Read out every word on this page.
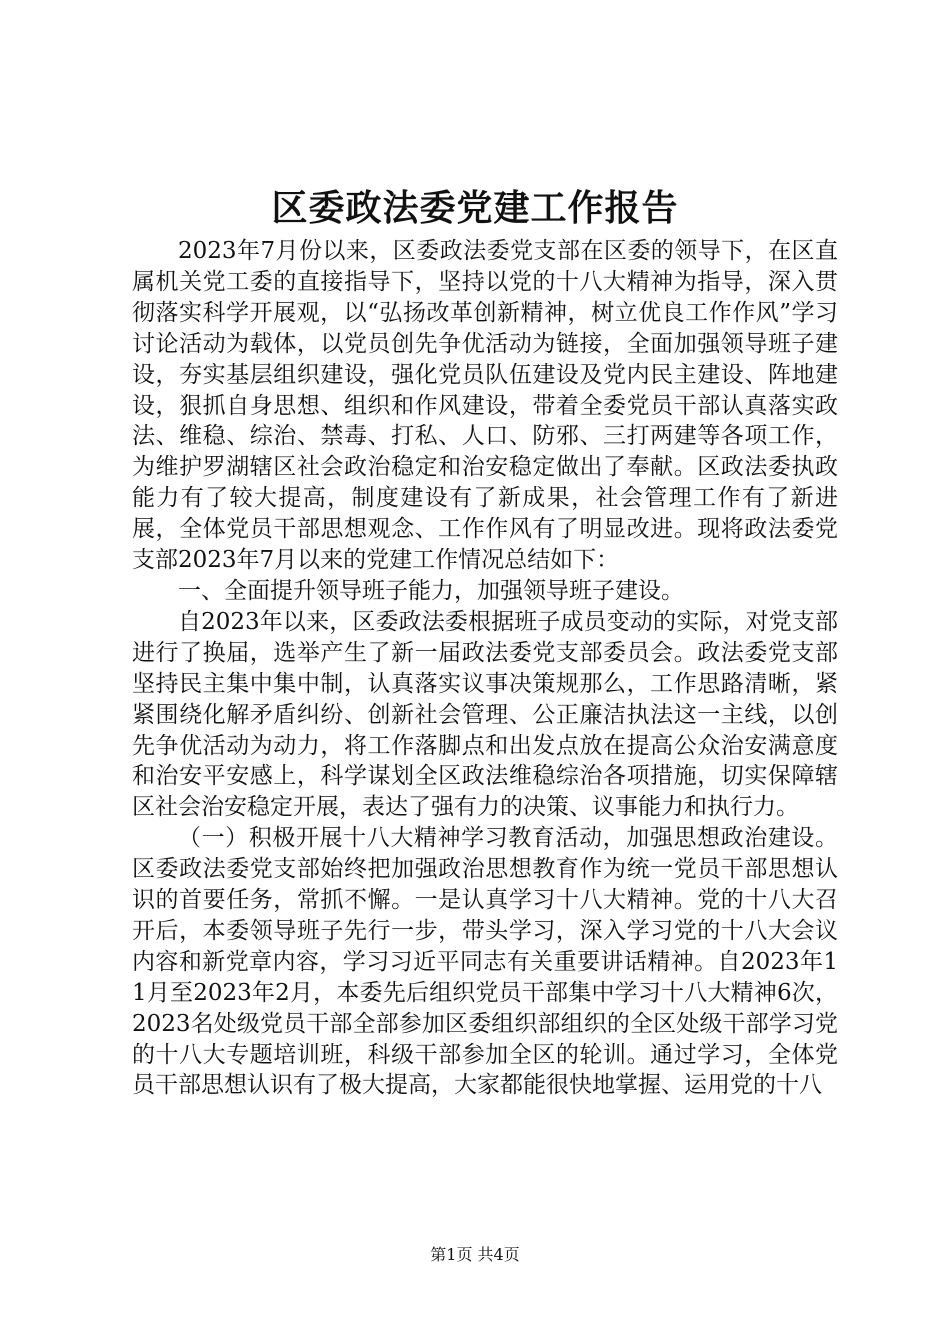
区委政法委党建工作报告

2023年7月份以来，区委政法委党支部在区委的领导下，在区直属机关党工委的直接指导下，坚持以党的十八大精神为指导，深入贯彻落实科学开展观，以“弘扬改革创新精神，树立优良工作作风”学习讨论活动为载体，以党员创先争优活动为链接，全面加强领导班子建设，夯实基层组织建设，强化党员队伍建设及党内民主建设、阵地建设，狠抓自身思想、组织和作风建设，带着全委党员干部认真落实政法、维稳、综治、禁毒、打私、人口、防邪、三打两建等各项工作，为维护罗湖辖区社会政治稳定和治安稳定做出了奉献。区政法委执政能力有了较大提高，制度建设有了新成果，社会管理工作有了新进展，全体党员干部思想观念、工作作风有了明显改进。现将政法委党支部2023年7月以来的党建工作情况总结如下：

一、全面提升领导班子能力，加强领导班子建设。

自2023年以来，区委政法委根据班子成员变动的实际，对党支部进行了换届，选举产生了新一届政法委党支部委员会。政法委党支部坚持民主集中集中制，认真落实议事决策规那么，工作思路清晰，紧紧围绕化解矛盾纠纷、创新社会管理、公正廉洁执法这一主线，以创先争优活动为动力，将工作落脚点和出发点放在提高公众治安满意度和治安平安感上，科学谋划全区政法维稳综治各项措施，切实保障辖区社会治安稳定开展，表达了强有力的决策、议事能力和执行力。

（一）积极开展十八大精神学习教育活动，加强思想政治建设。区委政法委党支部始终把加强政治思想教育作为统一党员干部思想认识的首要任务，常抓不懈。一是认真学习十八大精神。党的十八大召开后，本委领导班子先行一步，带头学习，深入学习党的十八大会议内容和新党章内容，学习习近平同志有关重要讲话精神。自2023年11月至2023年2月，本委先后组织党员干部集中学习十八大精神6次，2023名处级党员干部全部参加区委组织部组织的全区处级干部学习党的十八大专题培训班，科级干部参加全区的轮训。通过学习，全体党员干部思想认识有了极大提高，大家都能很快地掌握、运用党的十八

第1页 共4页
